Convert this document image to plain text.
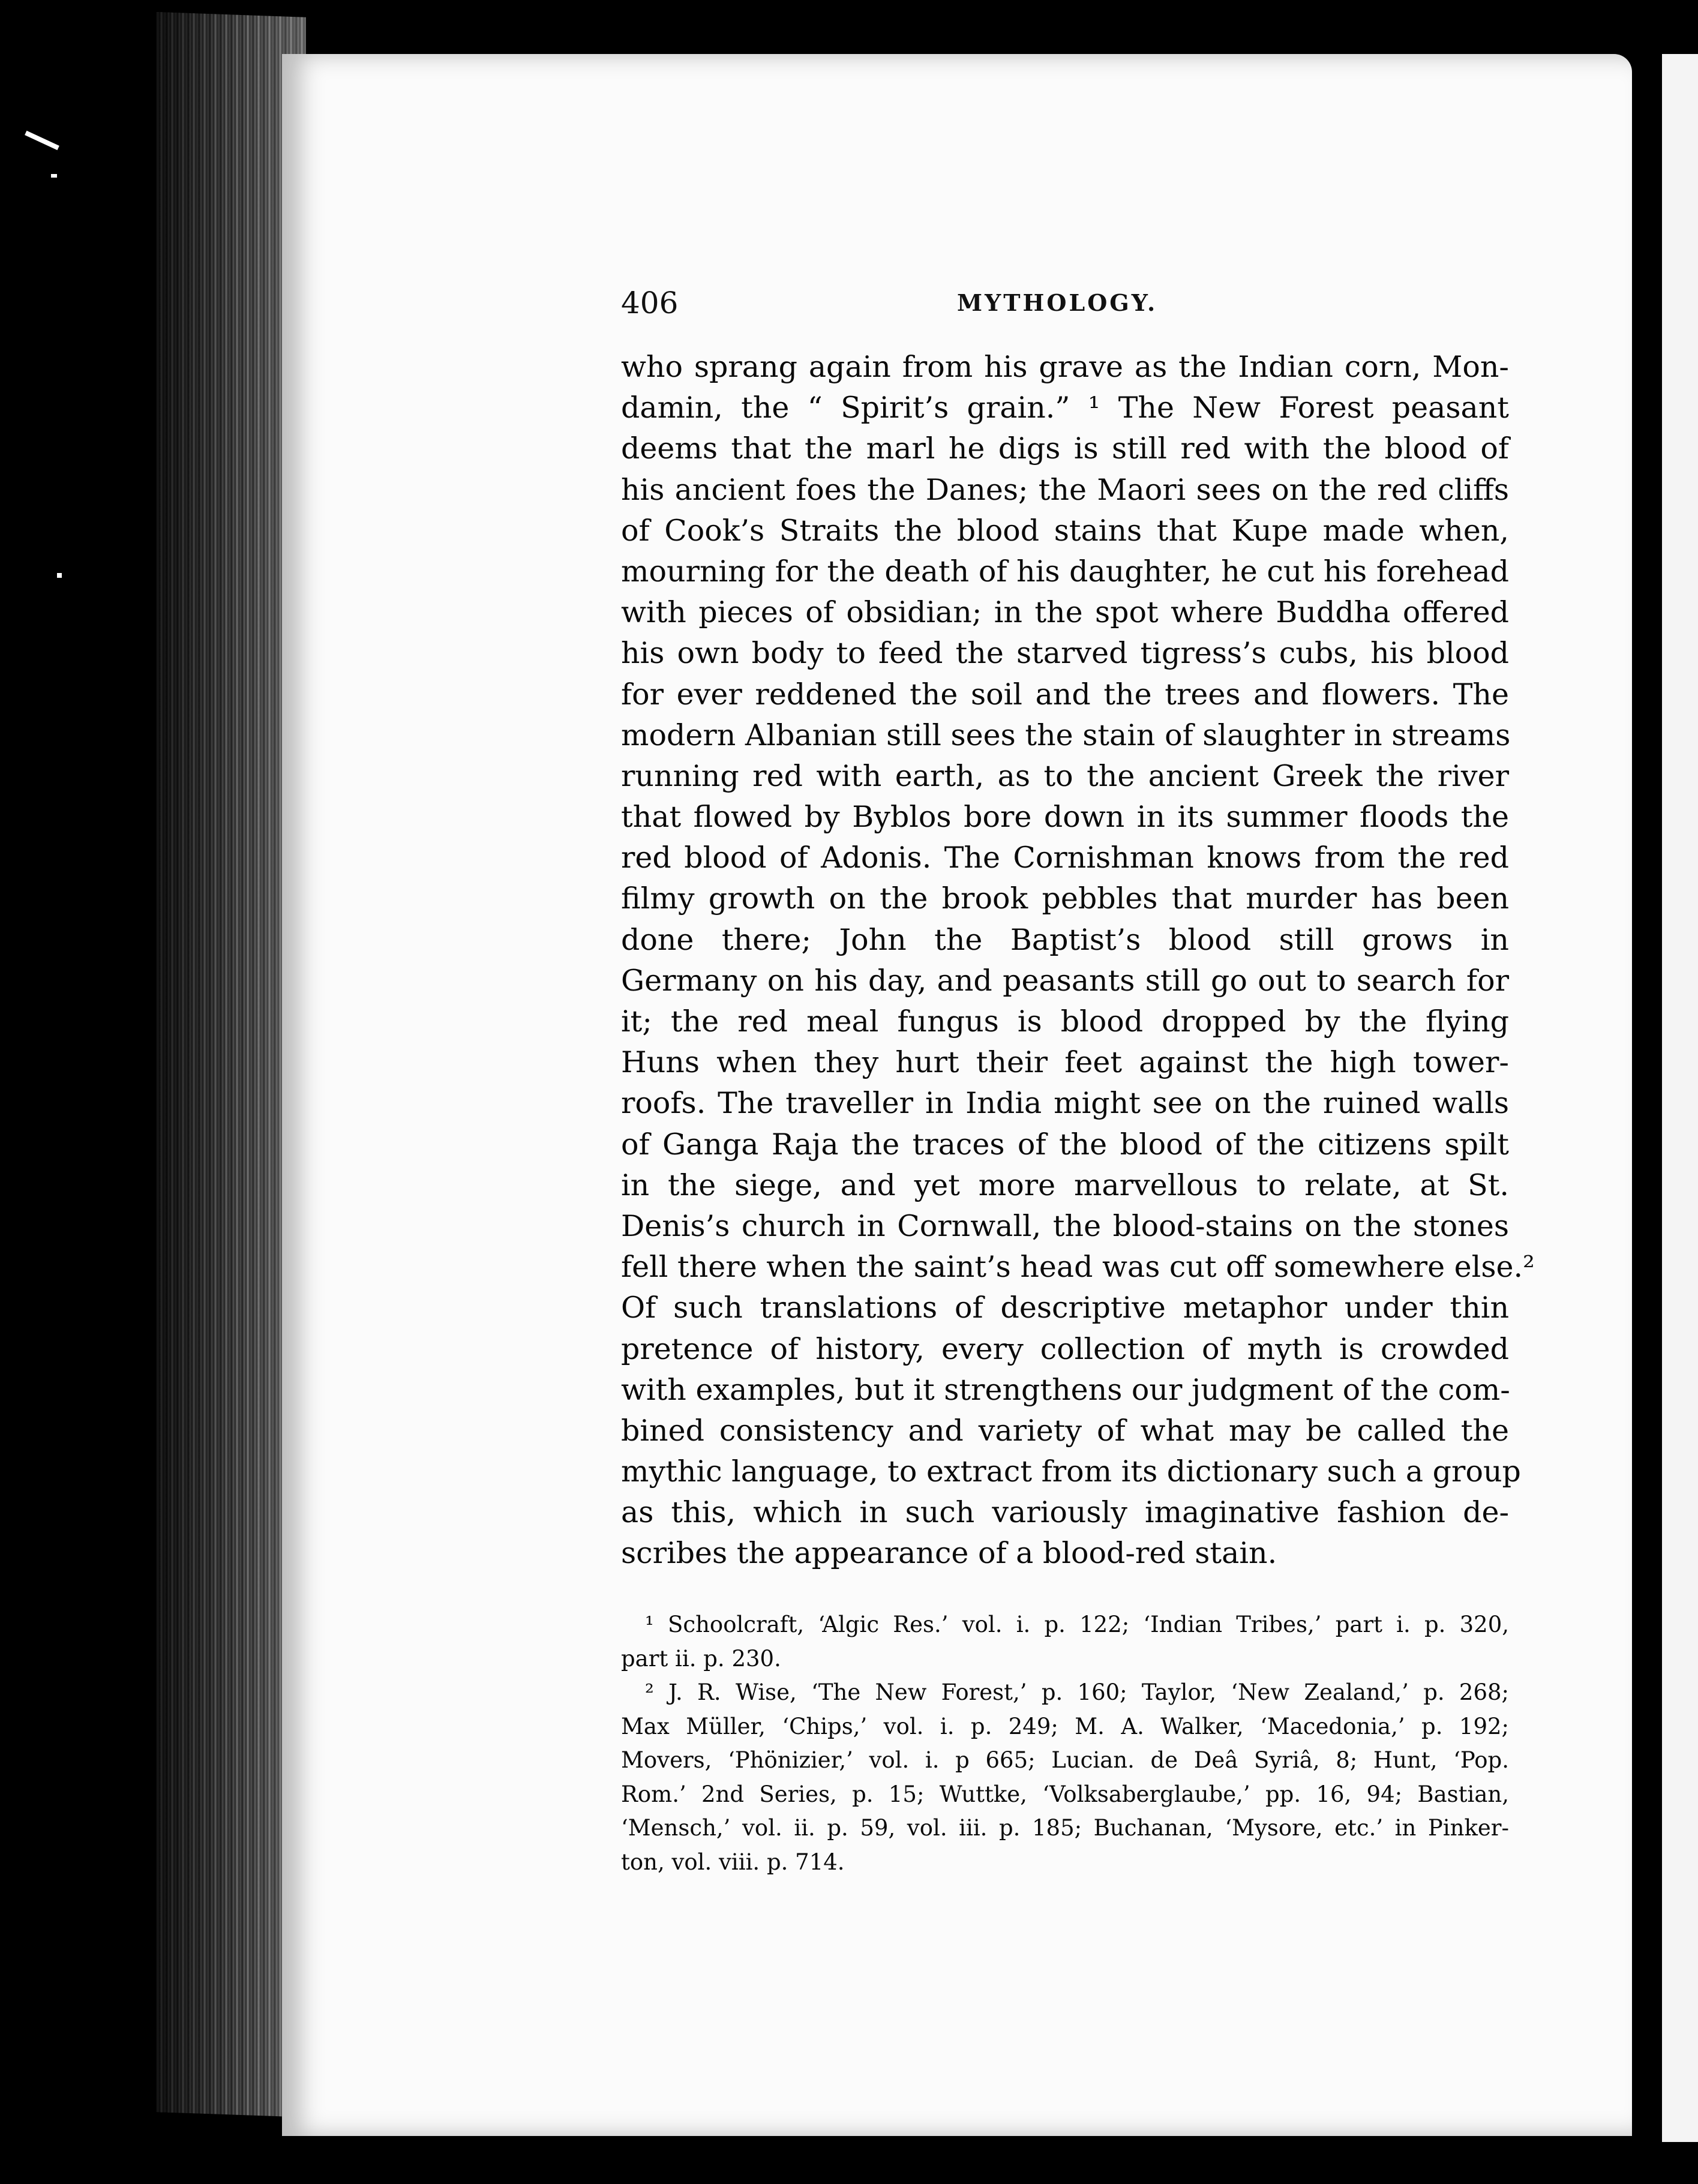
406	MYTHOLOGY.
who sprang again from his grave as the Indian corn, Mon-
damin, the “ Spirit’s grain.” ¹ The New Forest peasant
deems that the marl he digs is still red with the blood of
his ancient foes the Danes; the Maori sees on the red cliffs
of Cook’s Straits the blood stains that Kupe made when,
mourning for the death of his daughter, he cut his forehead
with pieces of obsidian; in the spot where Buddha offered
his own body to feed the starved tigress’s cubs, his blood
for ever reddened the soil and the trees and flowers. The
modern Albanian still sees the stain of slaughter in streams
running red with earth, as to the ancient Greek the river
that flowed by Byblos bore down in its summer floods the
red blood of Adonis. The Cornishman knows from the red
filmy growth on the brook pebbles that murder has been
done there; John the Baptist’s blood still grows in
Germany on his day, and peasants still go out to search for
it; the red meal fungus is blood dropped by the flying
Huns when they hurt their feet against the high tower-
roofs. The traveller in India might see on the ruined walls
of Ganga Raja the traces of the blood of the citizens spilt
in the siege, and yet more marvellous to relate, at St.
Denis’s church in Cornwall, the blood-stains on the stones
fell there when the saint’s head was cut off somewhere else.²
Of such translations of descriptive metaphor under thin
pretence of history, every collection of myth is crowded
with examples, but it strengthens our judgment of the com-
bined consistency and variety of what may be called the
mythic language, to extract from its dictionary such a group
as this, which in such variously imaginative fashion de-
scribes the appearance of a blood-red stain.
¹ Schoolcraft, ‘Algic Res.’ vol. i. p. 122; ‘Indian Tribes,’ part i. p. 320,
part ii. p. 230.
² J. R. Wise, ‘The New Forest,’ p. 160; Taylor, ‘New Zealand,’ p. 268;
Max Müller, ‘Chips,’ vol. i. p. 249; M. A. Walker, ‘Macedonia,’ p. 192;
Movers, ‘Phönizier,’ vol. i. p 665; Lucian. de Deâ Syriâ, 8; Hunt, ‘Pop.
Rom.’ 2nd Series, p. 15; Wuttke, ‘Volksaberglaube,’ pp. 16, 94; Bastian,
‘Mensch,’ vol. ii. p. 59, vol. iii. p. 185; Buchanan, ‘Mysore, etc.’ in Pinker-
ton, vol. viii. p. 714.
